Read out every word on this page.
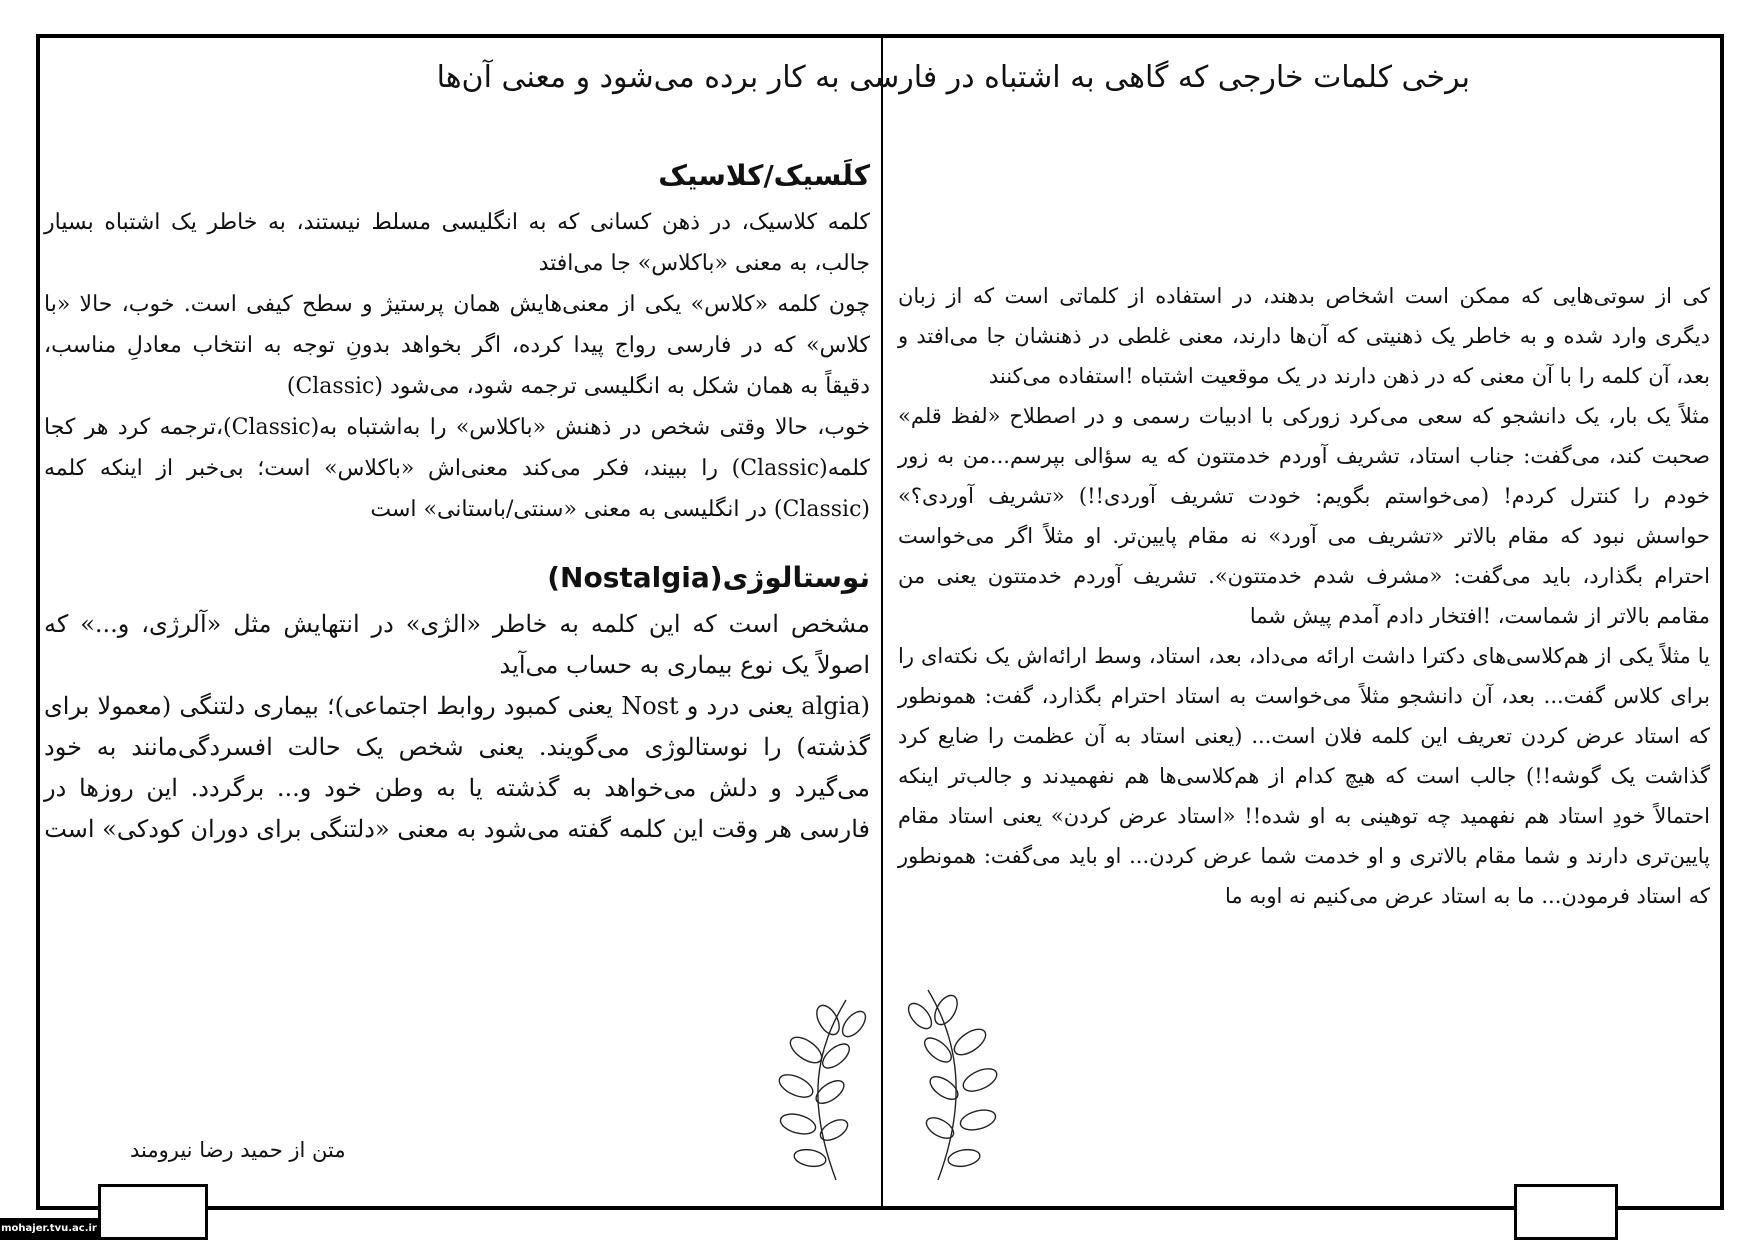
برخی کلمات خارجی که گاهی به اشتباه در فارسی به کار برده می‌شود و معنی آن‌ها
کلَسیک/کلاسیک

کلمه کلاسیک، در ذهن کسانی که به انگلیسی مسلط نیستند، به خاطر یک اشتباه بسیار جالب، به معنی «باکلاس» جا می‌افتد

چون کلمه «کلاس» یکی از معنی‌هایش همان پرستیژ و سطح کیفی است. خوب، حالا «با کلاس» که در فارسی رواج پیدا کرده، اگر بخواهد بدونِ توجه به انتخاب معادلِ مناسب، دقیقاً به همان شکل به انگلیسی ترجمه شود، می‌شود (Classic)

خوب، حالا وقتی شخص در ذهنش «باکلاس» را به‌اشتباه به(Classic)،ترجمه کرد هر کجا کلمه(Classic) را ببیند، فکر می‌کند معنی‌اش «باکلاس» است؛ بی‌خبر از اینکه کلمه (Classic) در انگلیسی به معنی «سنتی/باستانی» است

نوستالوژی(Nostalgia)

مشخص است که این کلمه به خاطر «الژی» در انتهایش مثل «آلرژی، و...» که اصولاً یک نوع بیماری به حساب می‌آید

(algia یعنی درد و Nost یعنی کمبود روابط اجتماعی)؛ بیماری دلتنگی (معمولا برای گذشته) را نوستالوژی می‌گویند. یعنی شخص یک حالت افسردگی‌مانند به خود می‌گیرد و دلش می‌خواهد به گذشته یا به وطن خود و... برگردد. این روزها در فارسی هر وقت این کلمه گفته می‌شود به معنی «دلتنگی برای دوران کودکی» است

کی از سوتی‌هایی که ممکن است اشخاص بدهند، در استفاده از کلماتی است که از زبان دیگری وارد شده و به خاطر یک ذهنیتی که آن‌ها دارند، معنی غلطی در ذهنشان جا می‌افتد و بعد، آن کلمه را با آن معنی که در ذهن دارند در یک موقعیت اشتباه !استفاده می‌کنند

مثلاً یک بار، یک دانشجو که سعی می‌کرد زورکی با ادبیات رسمی و در اصطلاح «لفظ قلم» صحبت کند، می‌گفت: جناب استاد، تشریف آوردم خدمتتون که یه سؤالی بپرسم...من به زور خودم را کنترل کردم! (می‌خواستم بگویم: خودت تشریف آوردی!!) «تشریف آوردی؟» حواسش نبود که مقام بالاتر «تشریف می آورد» نه مقام پایین‌تر. او مثلاً اگر می‌خواست احترام بگذارد، باید می‌گفت: «مشرف شدم خدمتتون». تشریف آوردم خدمتتون یعنی من مقامم بالاتر از شماست، !افتخار دادم آمدم پیش شما

یا مثلاً یکی از هم‌کلاسی‌های دکترا داشت ارائه می‌داد، بعد، استاد، وسط ارائه‌اش یک نکته‌ای را برای کلاس گفت... بعد، آن دانشجو مثلاً می‌خواست به استاد احترام بگذارد، گفت: همونطور که استاد عرض کردن تعریف این کلمه فلان است... (یعنی استاد به آن عظمت را ضایع کرد گذاشت یک گوشه!!) جالب است که هیچ کدام از هم‌کلاسی‌ها هم نفهمیدند و جالب‌تر اینکه احتمالاً خودِ استاد هم نفهمید چه توهینی به او شده!! «استاد عرض کردن» یعنی استاد مقام پایین‌تری دارند و شما مقام بالاتری و او خدمت شما عرض کردن... او باید می‌گفت: همونطور که استاد فرمودن... ما به استاد عرض می‌کنیم نه اوبه ما

متن از حمید رضا نیرومند
mohajer.tvu.ac.ir
